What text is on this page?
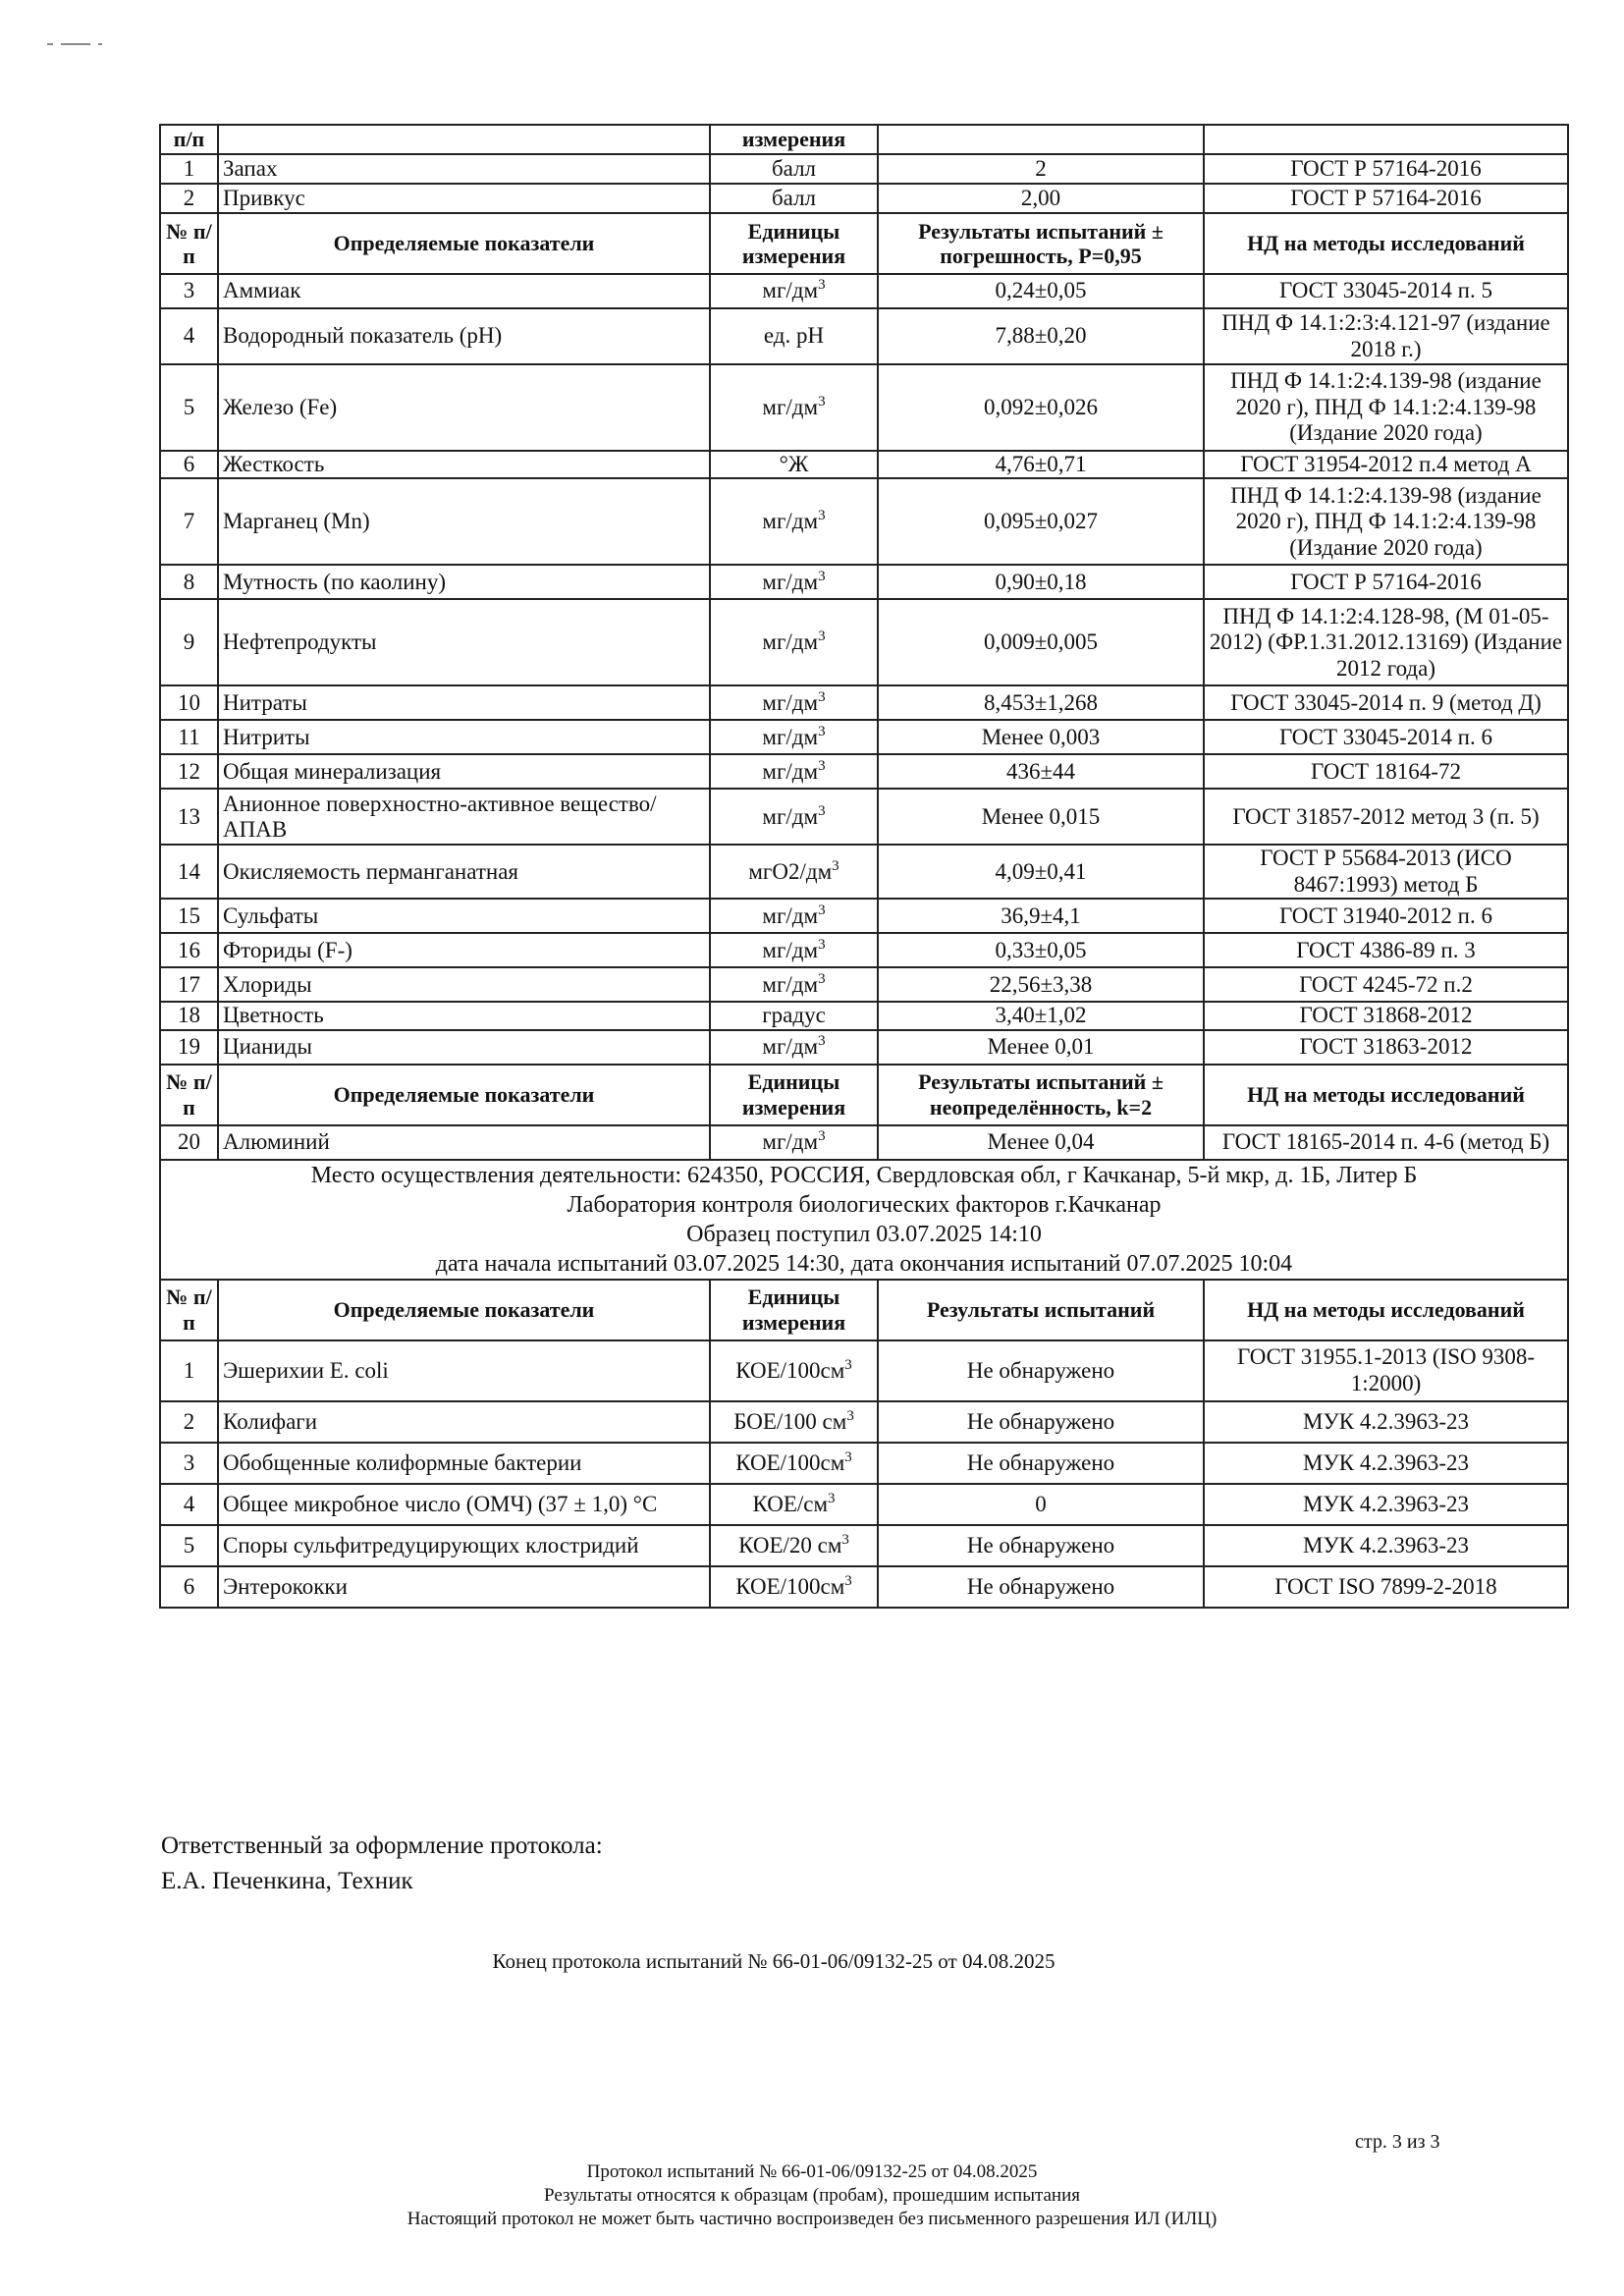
п/п		измерения		
1	Запах	балл	2	ГОСТ Р 57164-2016
2	Привкус	балл	2,00	ГОСТ Р 57164-2016
№ п/п	Определяемые показатели	Единицы измерения	Результаты испытаний ± погрешность, Р=0,95	НД на методы исследований
3	Аммиак	$мг/дм^3$	0,24±0,05	ГОСТ 33045-2014 п. 5
4	Водородный показатель (pH)	ед. pH	7,88±0,20	ПНД Ф 14.1:2:3:4.121-97 (издание 2018 г.)
5	Железо (Fe)	$мг/дм^3$	0,092±0,026	ПНД Ф 14.1:2:4.139-98 (издание 2020 г), ПНД Ф 14.1:2:4.139-98 (Издание 2020 года)
6	Жесткость	°Ж	4,76±0,71	ГОСТ 31954-2012 п.4 метод А
7	Марганец (Mn)	$мг/дм^3$	0,095±0,027	ПНД Ф 14.1:2:4.139-98 (издание 2020 г), ПНД Ф 14.1:2:4.139-98 (Издание 2020 года)
8	Мутность (по каолину)	$мг/дм^3$	0,90±0,18	ГОСТ Р 57164-2016
9	Нефтепродукты	$мг/дм^3$	0,009±0,005	ПНД Ф 14.1:2:4.128-98, (М 01-05-2012) (ФР.1.31.2012.13169) (Издание 2012 года)
10	Нитраты	$мг/дм^3$	8,453±1,268	ГОСТ 33045-2014 п. 9 (метод Д)
11	Нитриты	$мг/дм^3$	Менее 0,003	ГОСТ 33045-2014 п. 6
12	Общая минерализация	$мг/дм^3$	436±44	ГОСТ 18164-72
13	Анионное поверхностно-активное вещество/ АПАВ	$мг/дм^3$	Менее 0,015	ГОСТ 31857-2012 метод 3 (п. 5)
14	Окисляемость перманганатная	$мгО2/дм^3$	4,09±0,41	ГОСТ Р 55684-2013 (ИСО 8467:1993) метод Б
15	Сульфаты	$мг/дм^3$	36,9±4,1	ГОСТ 31940-2012 п. 6
16	Фториды (F-)	$мг/дм^3$	0,33±0,05	ГОСТ 4386-89 п. 3
17	Хлориды	$мг/дм^3$	22,56±3,38	ГОСТ 4245-72 п.2
18	Цветность	градус	3,40±1,02	ГОСТ 31868-2012
19	Цианиды	$мг/дм^3$	Менее 0,01	ГОСТ 31863-2012
№ п/п	Определяемые показатели	Единицы измерения	Результаты испытаний ± неопределённость, k=2	НД на методы исследований
20	Алюминий	$мг/дм^3$	Менее 0,04	ГОСТ 18165-2014 п. 4-6 (метод Б)

Место осуществления деятельности: 624350, РОССИЯ, Свердловская обл, г Качканар, 5-й мкр, д. 1Б, Литер Б
Лаборатория контроля биологических факторов г.Качканар
Образец поступил 03.07.2025 14:10
дата начала испытаний 03.07.2025 14:30, дата окончания испытаний 07.07.2025 10:04				

№ п/п	Определяемые показатели	Единицы измерения	Результаты испытаний	НД на методы исследований
1	Эшерихии E. coli	КОЕ/$100см^3$	Не обнаружено	ГОСТ 31955.1-2013 (ISO 9308-1:2000)
2	Колифаги	БОЕ/100 $см^3$	Не обнаружено	МУК 4.2.3963-23
3	Обобщенные колиформные бактерии	КОЕ/$100см^3$	Не обнаружено	МУК 4.2.3963-23
4	Общее микробное число (ОМЧ) (37 ± 1,0) °С	КОЕ/$см^3$	0	МУК 4.2.3963-23
5	Споры сульфитредуцирующих клостридий	КОЕ/20 $см^3$	Не обнаружено	МУК 4.2.3963-23
6	Энтерококки	КОЕ/$100см^3$	Не обнаружено	ГОСТ ISO 7899-2-2018
Ответственный за оформление протокола:
Е.А. Печенкина, Техник
Конец протокола испытаний № 66-01-06/09132-25 от 04.08.2025
стр. 3 из 3
Протокол испытаний № 66-01-06/09132-25 от 04.08.2025
Результаты относятся к образцам (пробам), прошедшим испытания
Настоящий протокол не может быть частично воспроизведен без письменного разрешения ИЛ (ИЛЦ)
